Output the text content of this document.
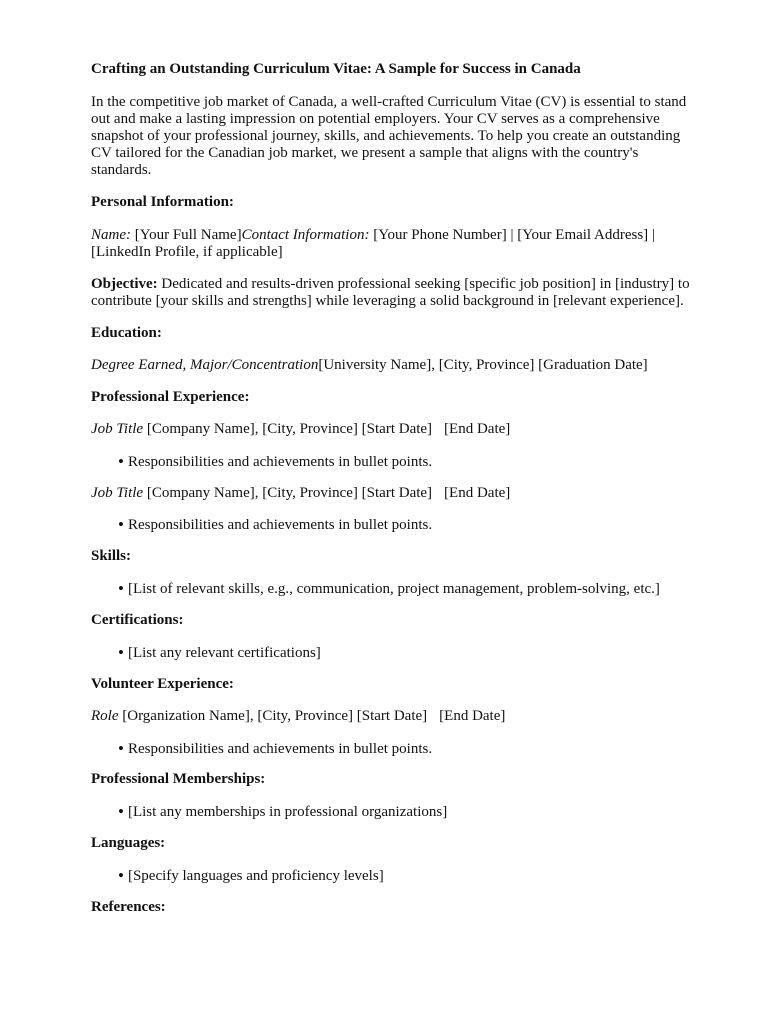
Crafting an Outstanding Curriculum Vitae: A Sample for Success in Canada

In the competitive job market of Canada, a well-crafted Curriculum Vitae (CV) is essential to stand

out and make a lasting impression on potential employers. Your CV serves as a comprehensive

snapshot of your professional journey, skills, and achievements. To help you create an outstanding

CV tailored for the Canadian job market, we present a sample that aligns with the country's

standards.

Personal Information:

Name: [Your Full Name]Contact Information: [Your Phone Number] | [Your Email Address] |

[LinkedIn Profile, if applicable]

Objective: Dedicated and results-driven professional seeking [specific job position] in [industry] to

contribute [your skills and strengths] while leveraging a solid background in [relevant experience].

Education:

Degree Earned, Major/Concentration[University Name], [City, Province] [Graduation Date]

Professional Experience:

Job Title [Company Name], [City, Province] [Start Date] [End Date]

• Responsibilities and achievements in bullet points.

Job Title [Company Name], [City, Province] [Start Date] [End Date]

• Responsibilities and achievements in bullet points.

Skills:

• [List of relevant skills, e.g., communication, project management, problem-solving, etc.]

Certifications:

• [List any relevant certifications]

Volunteer Experience:

Role [Organization Name], [City, Province] [Start Date] [End Date]

• Responsibilities and achievements in bullet points.

Professional Memberships:

• [List any memberships in professional organizations]

Languages:

• [Specify languages and proficiency levels]

References:
